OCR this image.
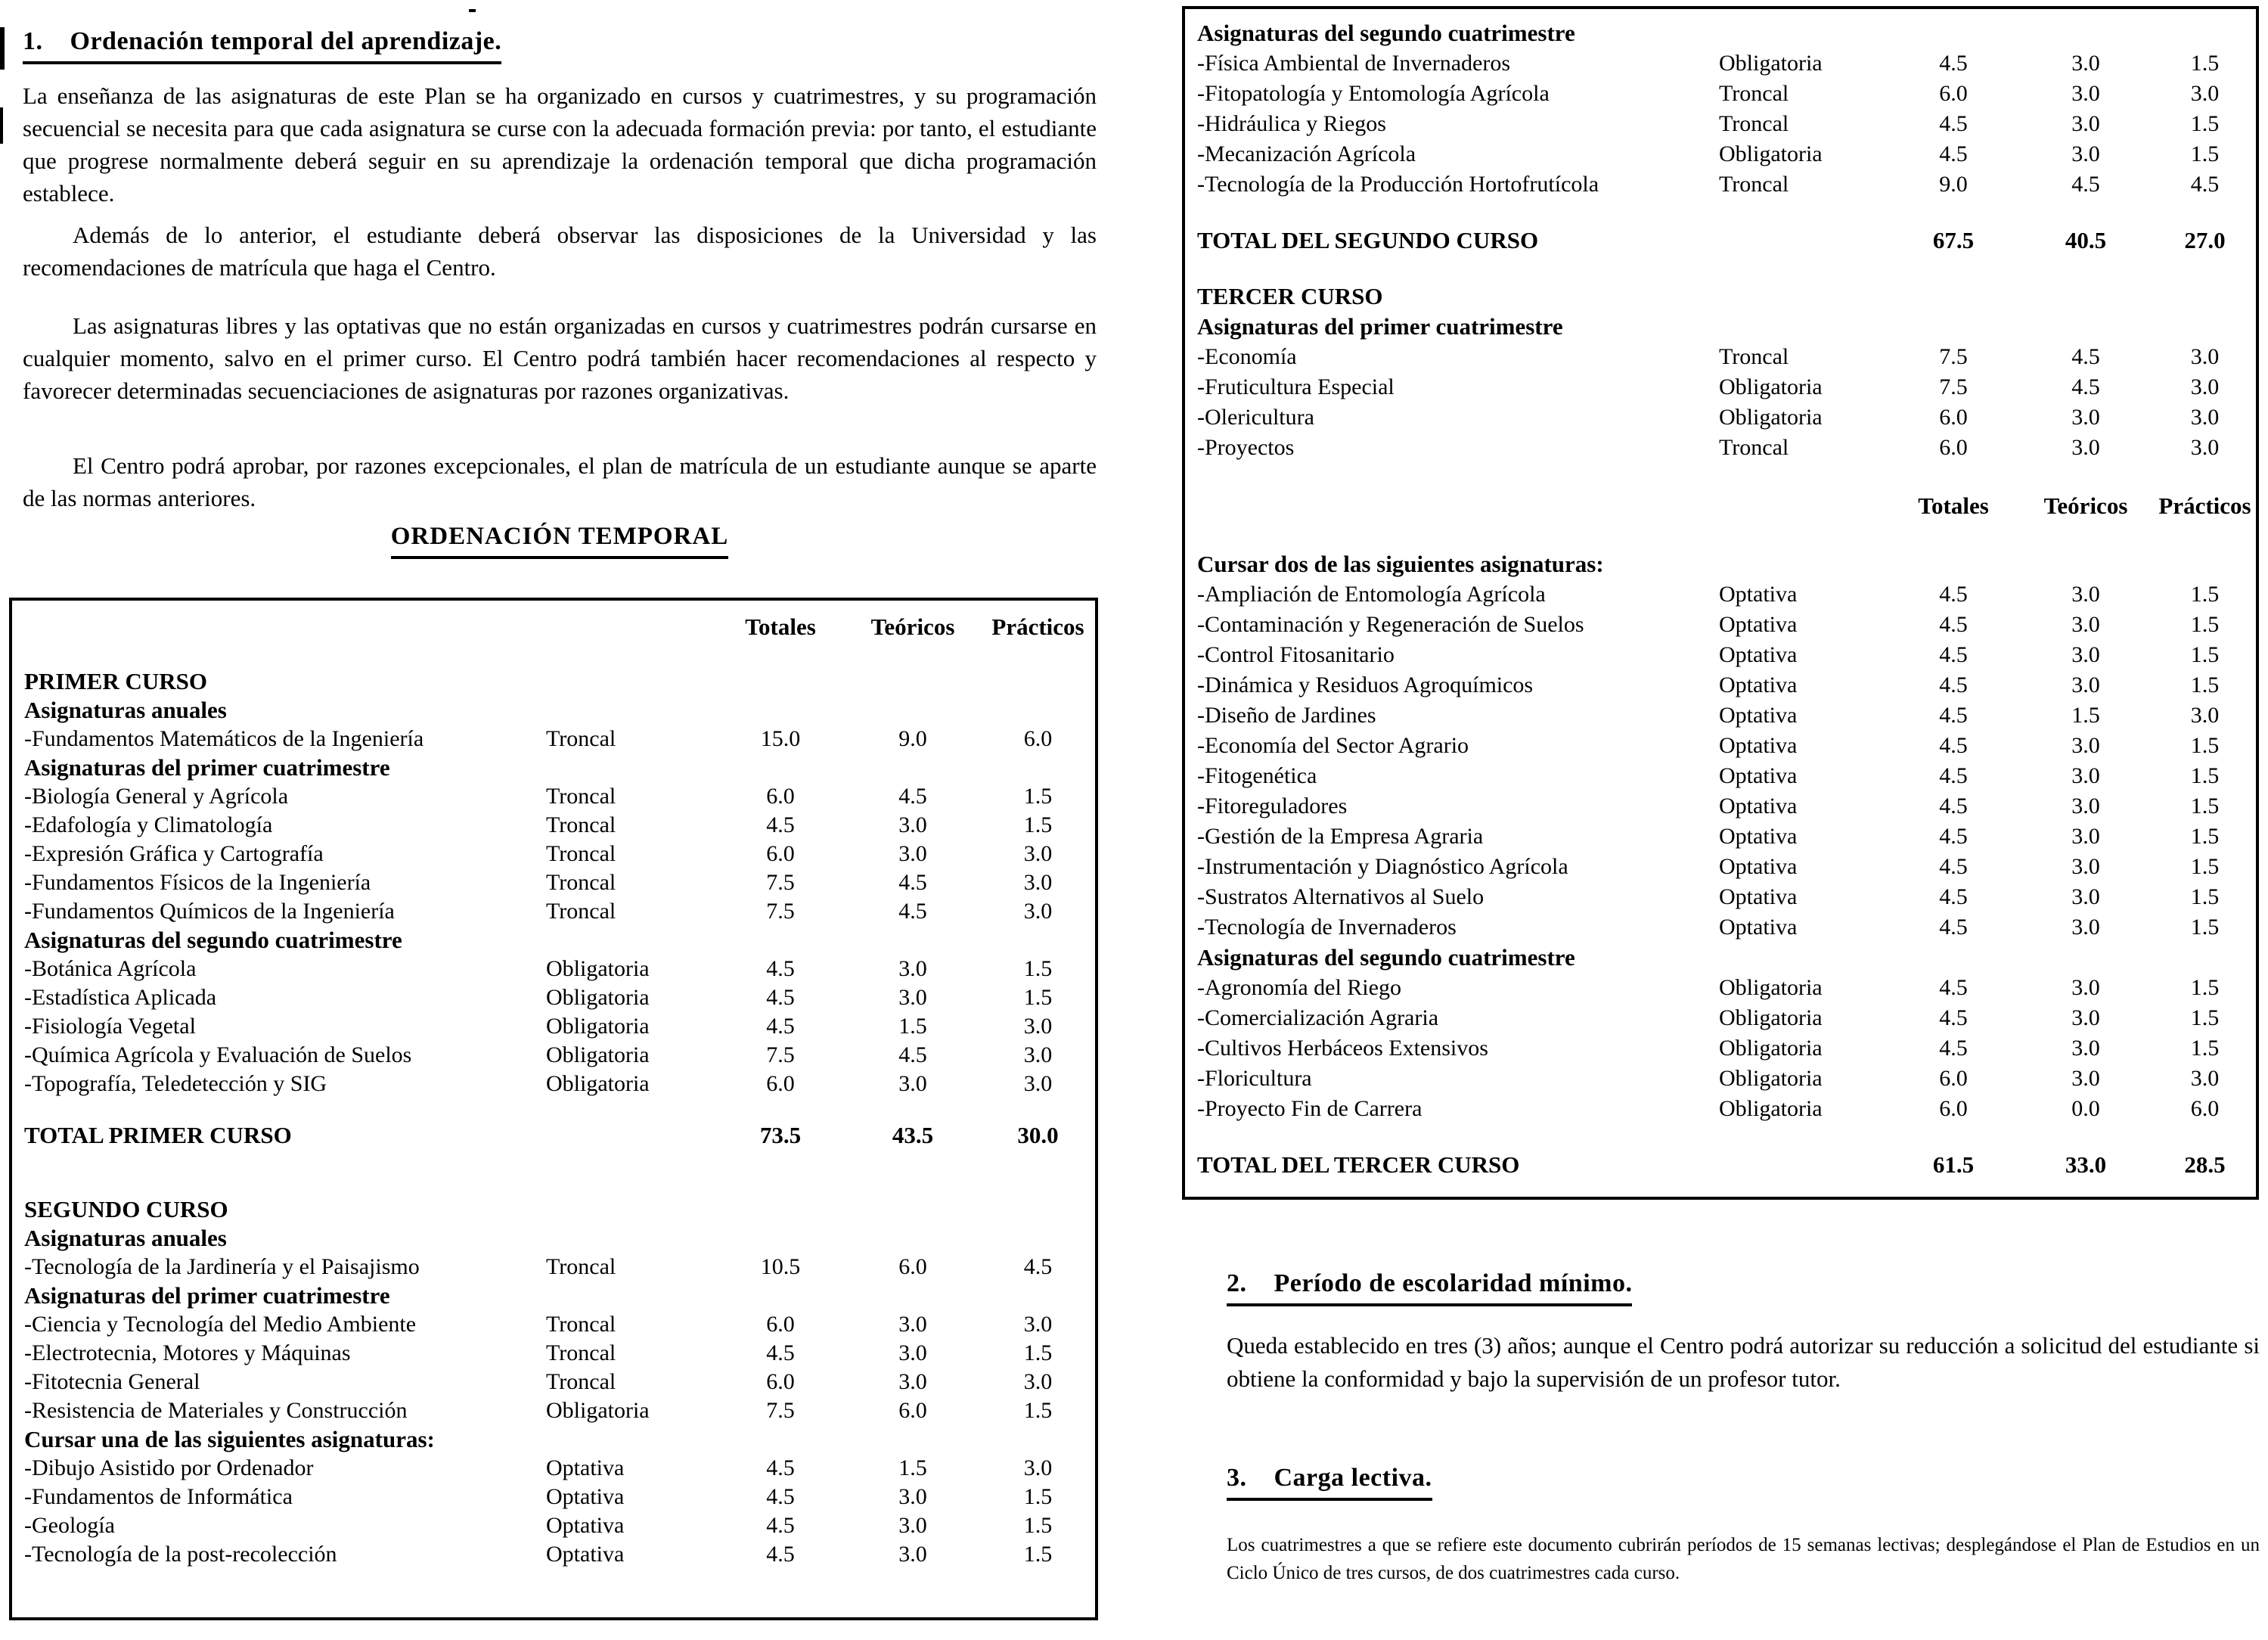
1. Ordenación temporal del aprendizaje.

La enseñanza de las asignaturas de este Plan se ha organizado en cursos y cuatrimestres, y su programación secuencial se necesita para que cada asignatura se curse con la adecuada formación previa: por tanto, el estudiante que progrese normalmente deberá seguir en su aprendizaje la ordenación temporal que dicha programación establece.

Además de lo anterior, el estudiante deberá observar las disposiciones de la Universidad y las recomendaciones de matrícula que haga el Centro.

Las asignaturas libres y las optativas que no están organizadas en cursos y cuatrimestres podrán cursarse en cualquier momento, salvo en el primer curso. El Centro podrá también hacer recomendaciones al respecto y favorecer determinadas secuenciaciones de asignaturas por razones organizativas.

El Centro podrá aprobar, por razones excepcionales, el plan de matrícula de un estudiante aunque se aparte de las normas anteriores.

ORDENACIÓN TEMPORAL
Totales	Teóricos	Prácticos
PRIMER CURSO
Asignaturas anuales
-Fundamentos Matemáticos de la Ingeniería	Troncal	15.0	9.0	6.0
Asignaturas del primer cuatrimestre
-Biología General y Agrícola	Troncal	6.0	4.5	1.5
-Edafología y Climatología	Troncal	4.5	3.0	1.5
-Expresión Gráfica y Cartografía	Troncal	6.0	3.0	3.0
-Fundamentos Físicos de la Ingeniería	Troncal	7.5	4.5	3.0
-Fundamentos Químicos de la Ingeniería	Troncal	7.5	4.5	3.0
Asignaturas del segundo cuatrimestre
-Botánica Agrícola	Obligatoria	4.5	3.0	1.5
-Estadística Aplicada	Obligatoria	4.5	3.0	1.5
-Fisiología Vegetal	Obligatoria	4.5	1.5	3.0
-Química Agrícola y Evaluación de Suelos	Obligatoria	7.5	4.5	3.0
-Topografía, Teledetección y SIG	Obligatoria	6.0	3.0	3.0
TOTAL PRIMER CURSO	73.5	43.5	30.0
SEGUNDO CURSO
Asignaturas anuales
-Tecnología de la Jardinería y el Paisajismo	Troncal	10.5	6.0	4.5
Asignaturas del primer cuatrimestre
-Ciencia y Tecnología del Medio Ambiente	Troncal	6.0	3.0	3.0
-Electrotecnia, Motores y Máquinas	Troncal	4.5	3.0	1.5
-Fitotecnia General	Troncal	6.0	3.0	3.0
-Resistencia de Materiales y Construcción	Obligatoria	7.5	6.0	1.5
Cursar una de las siguientes asignaturas:
-Dibujo Asistido por Ordenador	Optativa	4.5	1.5	3.0
-Fundamentos de Informática	Optativa	4.5	3.0	1.5
-Geología	Optativa	4.5	3.0	1.5
-Tecnología de la post-recolección	Optativa	4.5	3.0	1.5
Asignaturas del segundo cuatrimestre
-Física Ambiental de Invernaderos	Obligatoria	4.5	3.0	1.5
-Fitopatología y Entomología Agrícola	Troncal	6.0	3.0	3.0
-Hidráulica y Riegos	Troncal	4.5	3.0	1.5
-Mecanización Agrícola	Obligatoria	4.5	3.0	1.5
-Tecnología de la Producción Hortofrutícola	Troncal	9.0	4.5	4.5
TOTAL DEL SEGUNDO CURSO	67.5	40.5	27.0
TERCER CURSO
Asignaturas del primer cuatrimestre
-Economía	Troncal	7.5	4.5	3.0
-Fruticultura Especial	Obligatoria	7.5	4.5	3.0
-Olericultura	Obligatoria	6.0	3.0	3.0
-Proyectos	Troncal	6.0	3.0	3.0
Totales	Teóricos	Prácticos
Cursar dos de las siguientes asignaturas:
-Ampliación de Entomología Agrícola	Optativa	4.5	3.0	1.5
-Contaminación y Regeneración de Suelos	Optativa	4.5	3.0	1.5
-Control Fitosanitario	Optativa	4.5	3.0	1.5
-Dinámica y Residuos Agroquímicos	Optativa	4.5	3.0	1.5
-Diseño de Jardines	Optativa	4.5	1.5	3.0
-Economía del Sector Agrario	Optativa	4.5	3.0	1.5
-Fitogenética	Optativa	4.5	3.0	1.5
-Fitoreguladores	Optativa	4.5	3.0	1.5
-Gestión de la Empresa Agraria	Optativa	4.5	3.0	1.5
-Instrumentación y Diagnóstico Agrícola	Optativa	4.5	3.0	1.5
-Sustratos Alternativos al Suelo	Optativa	4.5	3.0	1.5
-Tecnología de Invernaderos	Optativa	4.5	3.0	1.5
Asignaturas del segundo cuatrimestre
-Agronomía del Riego	Obligatoria	4.5	3.0	1.5
-Comercialización Agraria	Obligatoria	4.5	3.0	1.5
-Cultivos Herbáceos Extensivos	Obligatoria	4.5	3.0	1.5
-Floricultura	Obligatoria	6.0	3.0	3.0
-Proyecto Fin de Carrera	Obligatoria	6.0	0.0	6.0
TOTAL DEL TERCER CURSO	61.5	33.0	28.5
2. Período de escolaridad mínimo.

Queda establecido en tres (3) años; aunque el Centro podrá autorizar su reducción a solicitud del estudiante si obtiene la conformidad y bajo la supervisión de un profesor tutor.

3. Carga lectiva.

Los cuatrimestres a que se refiere este documento cubrirán períodos de 15 semanas lectivas; desplegándose el Plan de Estudios en un Ciclo Único de tres cursos, de dos cuatrimestres cada curso.
